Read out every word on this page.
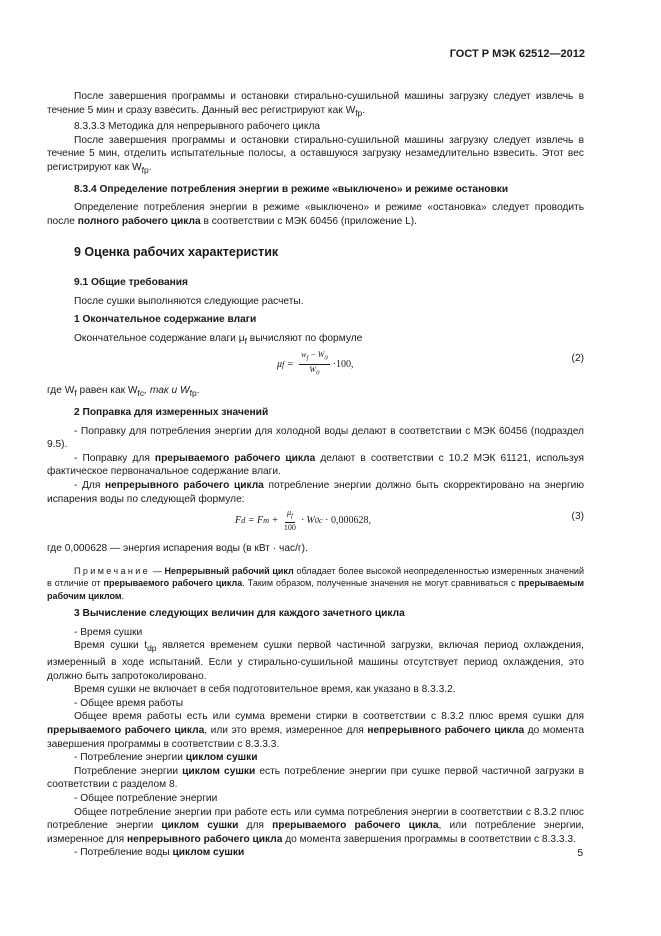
ГОСТ Р МЭК 62512—2012

После завершения программы и остановки стирально-сушильной машины загрузку следует извлечь в течение 5 мин и сразу взвесить. Данный вес регистрируют как $W_{fp}$.

8.3.3.3 Методика для непрерывного рабочего цикла

После завершения программы и остановки стирально-сушильной машины загрузку следует извлечь в течение 5 мин, отделить испытательные полосы, а оставшуюся загрузку незамедлительно взвесить. Этот вес регистрируют как $W_{fp}$.

8.3.4 Определение потребления энергии в режиме «выключено» и режиме остановки

Определение потребления энергии в режиме «выключено» и режиме «остановка» следует проводить после полного рабочего цикла в соответствии с МЭК 60456 (приложение L).

9 Оценка рабочих характеристик

9.1 Общие требования

После сушки выполняются следующие расчеты.

1 Окончательное содержание влаги

Окончательное содержание влаги $\mu_f$ вычисляют по формуле

μ $f = \frac{w_f - W_0}{W_0} \cdot 100$,	(2)

где $W_f$ равен как $W_{fc}$, так и $W_{fp}$.

2 Поправка для измеренных значений

- Поправку для потребления энергии для холодной воды делают в соответствии с МЭК 60456 (подраздел 9.5).

- Поправку для прерываемого рабочего цикла делают в соответствии с 10.2 МЭК 61121, используя фактическое первоначальное содержание влаги.

- Для непрерывного рабочего цикла потребление энергии должно быть скорректировано на энергию испарения воды по следующей формуле:

F d = F $m + \frac{\mu_f}{100} \cdot W$ 0c · 0,000628,	(3)

где 0,000628 — энергия испарения воды (в кВт · час/г).

Примечание — Непрерывный рабочий цикл обладает более высокой неопределенностью измеренных значений в отличие от прерываемого рабочего цикла. Таким образом, полученные значения не могут сравниваться с прерываемым рабочим циклом.

3 Вычисление следующих величин для каждого зачетного цикла

- Время сушки

Время сушки $t_{dp}$ является временем сушки первой частичной загрузки, включая период охлаждения, измеренный в ходе испытаний. Если у стирально-сушильной машины отсутствует период охлаждения, это должно быть запротоколировано.

Время сушки не включает в себя подготовительное время, как указано в 8.3.3.2.

- Общее время работы

Общее время работы есть или сумма времени стирки в соответствии с 8.3.2 плюс время сушки для прерываемого рабочего цикла, или это время, измеренное для непрерывного рабочего цикла до момента завершения программы в соответствии с 8.3.3.3.

- Потребление энергии циклом сушки

Потребление энергии циклом сушки есть потребление энергии при сушке первой частичной загрузки в соответствии с разделом 8.

- Общее потребление энергии

Общее потребление энергии при работе есть или сумма потребления энергии в соответствии с 8.3.2 плюс потребление энергии циклом сушки для прерываемого рабочего цикла, или потребление энергии, измеренное для непрерывного рабочего цикла до момента завершения программы в соответствии с 8.3.3.3.

- Потребление воды циклом сушки	5
